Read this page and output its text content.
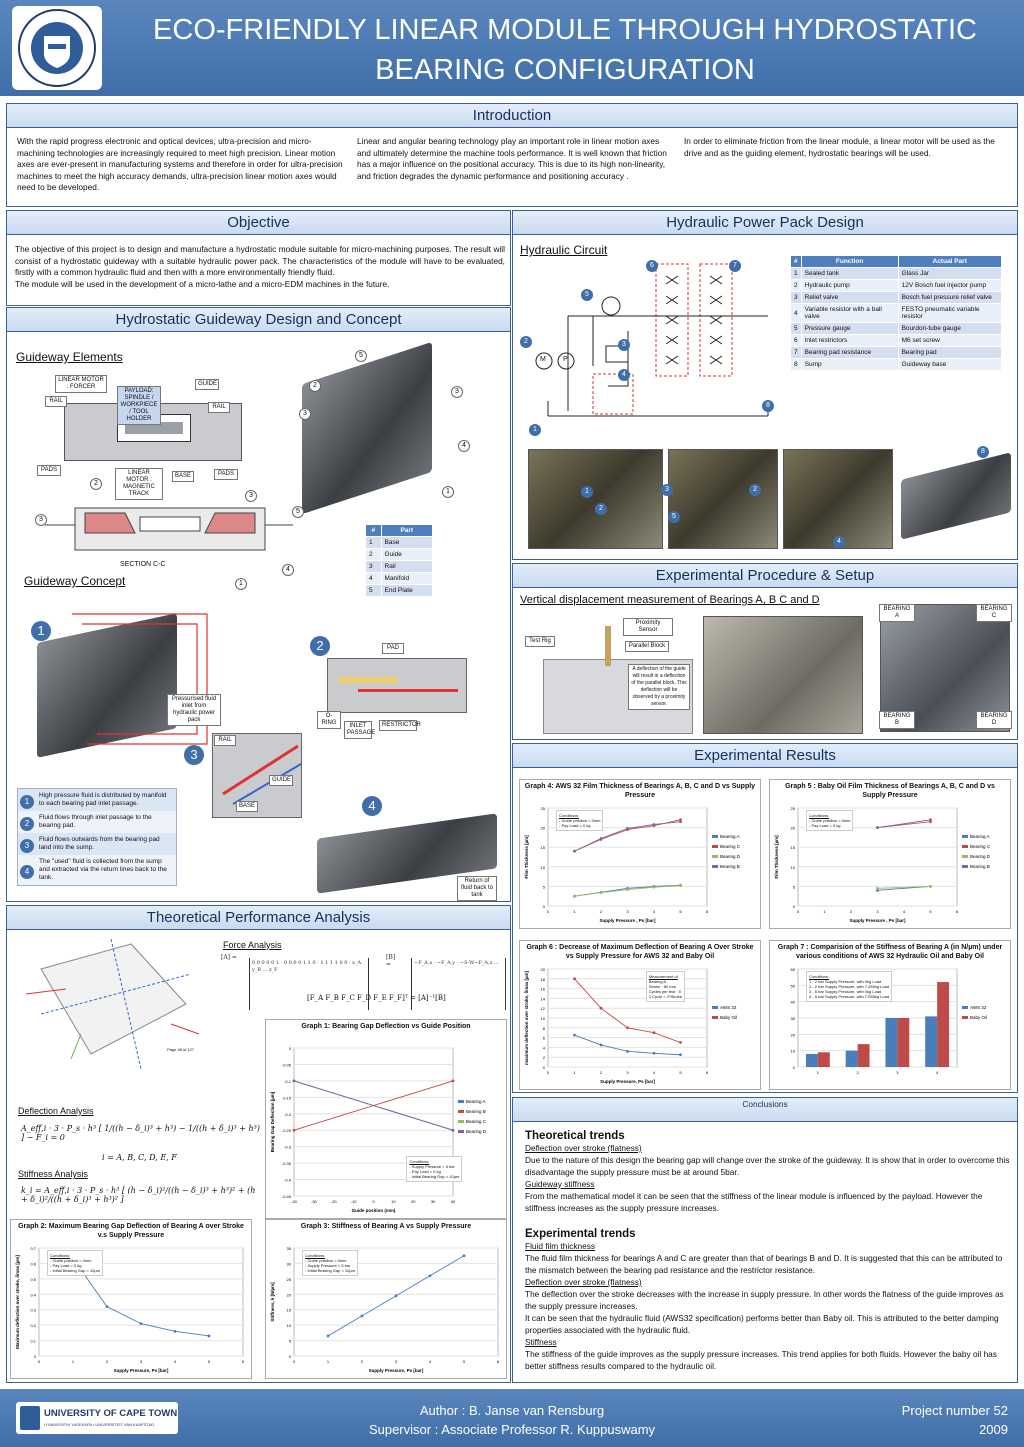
ECO-FRIENDLY LINEAR MODULE THROUGH HYDROSTATIC
BEARING CONFIGURATION
Introduction
With the rapid progress electronic and optical devices, ultra-precision and micro-machining technologies are increasingly required to meet high precision. Linear motion axes are ever-present in manufacturing systems and therefore in order for ultra-precision machines to meet the high accuracy demands, ultra-precision linear motion axes would need to be developed.
Linear and angular bearing technology play an important role in linear motion axes and ultimately determine the machine tools performance. It is well known that friction has a major influence on the positional accuracy. This is due to its high non-linearity, and friction degrades the dynamic performance and positioning accuracy .
In order to eliminate friction from the linear module, a linear motor will be used as the drive and as the guiding element, hydrostatic bearings will be used.
Objective
The objective of this project is to design and manufacture a hydrostatic module suitable for micro-machining purposes. The result will consist of a hydrostatic guideway with a suitable hydraulic power pack. The characteristics of the module will have to be evaluated, firstly with a common hydraulic fluid and then with a more environmentally friendly fluid.
The module will be used in the development of a micro-lathe and a micro-EDM machines in the future.
Hydrostatic Guideway Design and Concept
Guideway Elements
LINEAR MOTOR : FORCER
PAYLOAD: SPINDLE / WORKPIECE / TOOL HOLDER
GUIDE
RAIL
RAIL
PADS	LINEAR MOTOR : MAGNETIC TRACK
BASE	PADS
SECTION C-C
5
2
3
3
4
1
5
2
3
3
4
1
#	Part
1	Base
2	Guide
3	Rail
4	Manifold
5	End Plate
Guideway Concept
1
Pressurised fluid inlet from hydraulic power pack
2	PAD
O-RING	INLET PASSAGE
RESTRICTOR
3
RAIL
GUIDE
BASE	4
Return of fluid back to tank
1	High pressure fluid is distributed by manifold to each bearing pad inlet passage.
2	Fluid flows through inlet passage to the bearing pad.
3	Fluid flows outwards from the bearing pad land into the sump.
4	The "used" fluid is collected from the sump and extracted via the return lines back to the tank.
Theoretical Performance Analysis
Page 48 of 127
Force Analysis
[A] =
0 0 0 0 0 1 · 0 0 0 0 1 1 0 · 1 1 1 1 0 0 · x_A y_B ... z_F
[B] =	−F_A,x · −F_A,y · −S·W−F_A,z ...
[F_A F_B F_C F_D F_E F_F]ᵀ = [A]⁻¹[B]
Deflection Analysis
A_eff,i · 3 · P_s · h³ [ 1/((h − δ_i)³ + h³) − 1/((h + δ_i)³ + h³) ] − F_i = 0
i = A, B, C, D, E, F
Stiffness Analysis
k_i = A_eff,i · 3 · P_s · h³ [ (h − δ_i)²/((h − δ_i)³ + h³)² + (h + δ_i)²/((h + δ_i)³ + h³)² ]
Hydraulic Power Pack Design
Hydraulic Circuit
M P
6	7
5
2	3
4
8
1
#	Function	Actual Part
1	Sealed tank	Glass Jar
2	Hydraulic pump	12V Bosch fuel injector pump
3	Relief valve	Bosch fuel pressure relief valve
4	Variable resistor with a ball valve	FESTO pneumatic variable resistor
5	Pressure gauge	Bourdon-tube gauge
6	Inlet restrictors	M6 set screw
7	Bearing pad resistance	Bearing pad
8	Sump	Guideway base
8
1
2
3	2
5
4
Experimental Procedure & Setup
Vertical displacement measurement of Bearings A, B C and D
Proximity Sensor
Test Rig
Parallel Block
A deflection of the guide will result in a deflection of the parallel block. This deflection will be observed by a proximity sensor.
BEARING A
BEARING C
BEARING B
BEARING D
Experimental Results
Conclusions
Theoretical trends
Deflection over stroke (flatness)

Due to the nature of this design the bearing gap will change over the stroke of the guideway. It is show that in order to overcome this disadvantage the supply pressure must be at around 5bar.

Guideway stiffness

From the mathematical model it can be seen that the stiffness of the linear module is influenced by the payload. However the stiffness increases as the supply pressure increases.

Experimental trends
Fluid film thickness

The fluid film thickness for bearings A and C are greater than that of bearings B and D. It is suggested that this can be attributed to the mismatch between the bearing pad resistance and the restrictor resistance.

Deflection over stroke (flatness)

The deflection over the stroke decreases with the increase in supply pressure. In other words the flatness of the guide improves as the supply pressure increases.

It can be seen that the hydraulic fluid (AWS32 specification) performs better than Baby oil. This is attributed to the better damping properties associated with the hydraulic fluid.

Stiffness

The stiffness of the guide improves as the supply pressure increases. This trend applies for both fluids. However the baby oil has better stiffness results compared to the hydraulic oil.

Graph 4: AWS 32 Film Thickness of Bearings A, B, C and D vs Supply Pressure
0
5
10
15
20
25
0	1	2	3	4	5	6
Supply Pressure , Ps [bar]
Film Thickness [µm]	Bearing A
Bearing C
Bearing D
Bearing B
Conditions:
- Guide position = 0mm
- Pay Load = 0 kg
Graph 5 : Baby Oil Film Thickness of Bearings A, B, C and D vs Supply Pressure
0
5
10
15
20
25
0	1	2	3	4	5	6
Supply Pressure , Ps [bar]
Film Thickness [µm]	Bearing A
Bearing C
Bearing D
Bearing B
Conditions:
- Guide position = 0mm
- Pay Load = 0 kg
Graph 6 : Decrease of Maximum Deflection of Bearing A Over Stroke vs Supply Pressure for AWS 32 and Baby Oil
0
2
4
6
8
10
12
14
16
18
20
0	1	2	3	4	5	6
Supply Pressure, Ps [bar]
maximum deflection over stroke, δmax [µm]	AWS 32
Baby Oil
Measurement of
Bearing A
Stroke : 80 mm
Cycles per test : 5
1 Cycle = 2*Stroke
Graph 7 : Comparision of the Stiffness of Bearing A (in N/µm) under various conditions of AWS 32 Hydraulic Oil and Baby Oil
0
10
20
30
40
50
60
1	2	3	4
AWS 32
Baby Oil
Conditions:
1 - 2 bar Supply Pressure, with 0kg Load
2 - 2 bar Supply Pressure, with 7.055kg Load
3 - 5 bar Supply Pressure, with 0kg Load
4 - 5 bar Supply Pressure, with 7.055kg Load
Graph 1: Bearing Gap Deflection vs Guide Position
0
-0.05
-0.1
-0.15
-0.2
-0.25
-0.3
-0.35
-0.4
-0.45
-40	-30	-20	-10	0	10	20	30	40
Guide position (mm)
Bearing Gap Deflection [µm]	Bearing A
Bearing B
Bearing C
Bearing D
Conditions:
- Supply Pressure = 5 bar
- Pay Load = 0 kg
- Initial Bearing Gap = 10µm
Graph 2: Maximum Bearing Gap Deflection of Bearing A over Stroke v.s Supply Pressure
0
0.1
0.2
0.3
0.4
0.5
0.6
0.7
0	1	2	3	4	5	6
Supply Pressure, Ps [bar]
Maximum deflection over stroke, δmax [µm]	Conditions:
- Guide position = 0mm
- Pay Load = 0 kg
- Initial Bearing Gap = 10µm
Graph 3: Stiffness of Bearing A vs Supply Pressure
0
5
10
15
20
25
30
35
0	1	2	3	4	5	6
Supply Pressure, Ps [bar]
Stiffness, k [N/µm]
Conditions:
- Guide position = 0mm
- Supply Pressure = 5 bar
- Initial Bearing Gap = 10µm
UNIVERSITY OF CAPE TOWN
IYUNIVESITHI YASEKAPA • UNIVERSITEIT VAN KAAPSTAD
Author : B. Janse van Rensburg
Supervisor : Associate Professor R. Kuppuswamy
Project number 52
2009
